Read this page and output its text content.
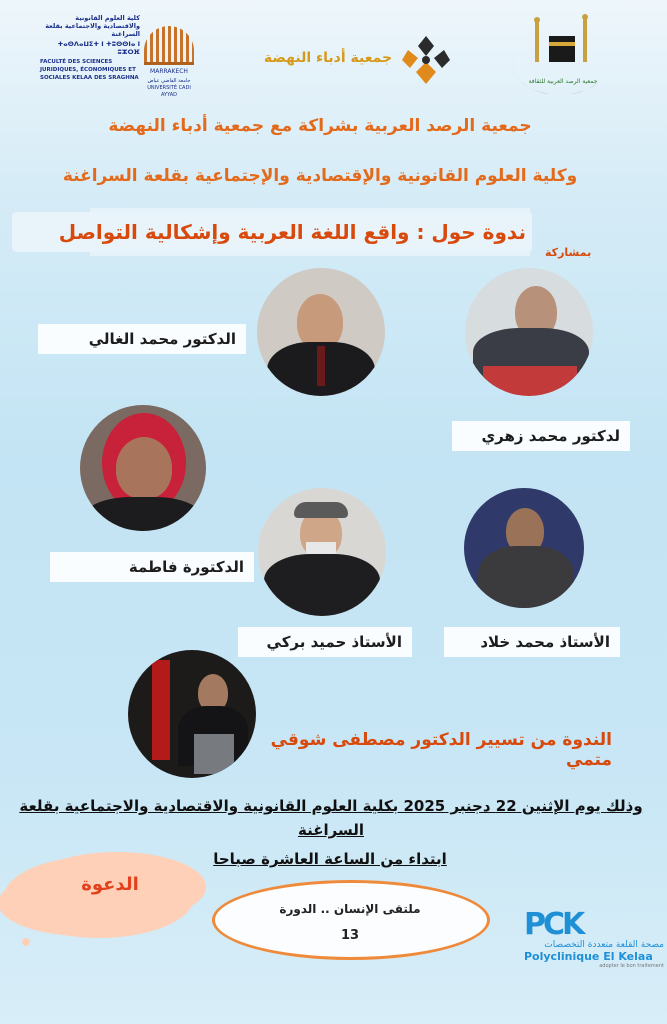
كلية العلوم القانونية والاقتصادية والاجتماعية بقلعة السراغنة
ⵜⴰⵙⴷⴰⵡⵉⵜ ⵏ ⵜⵓⵙⵙⵏⴰ ⵏ ⵓⵣⵔⴼ
FACULTÉ DES SCIENCES JURIDIQUES, ÉCONOMIQUES ET SOCIALES KELAA DES SRAGHNA
MARRAKECH
جامعة القاضي عياض UNIVERSITÉ CADI AYYAD
جمعية أدباء النهضة
جمعية الرصد العربية للثقافة
جمعية الرصد العربية بشراكة مع جمعية أدباء النهضة
وكلية العلوم القانونية والإقتصادية والإجتماعية بقلعة السراغنة
ندوة حول : واقع اللغة العربية وإشكالية التواصل
بمشاركة
الدكتور محمد الغالي
لدكتور محمد زهري
الدكتورة فاطمة
الأستاذ حميد بركي	الأستاذ محمد خلاد
الندوة من تسيير الدكتور مصطفى شوقي متمي
وذلك يوم الإثنين 22 دجنبر 2025 بكلية العلوم القانونية والاقتصادية والاجتماعية بقلعة السراغنة
ابتداء من الساعة العاشرة صباحا
الدعوة
ملتقى الإنسان .. الدورة
13	PCK
مصحة القلعة متعددة التخصصات
Polyclinique El Kelaa
adopter le bon traitement
